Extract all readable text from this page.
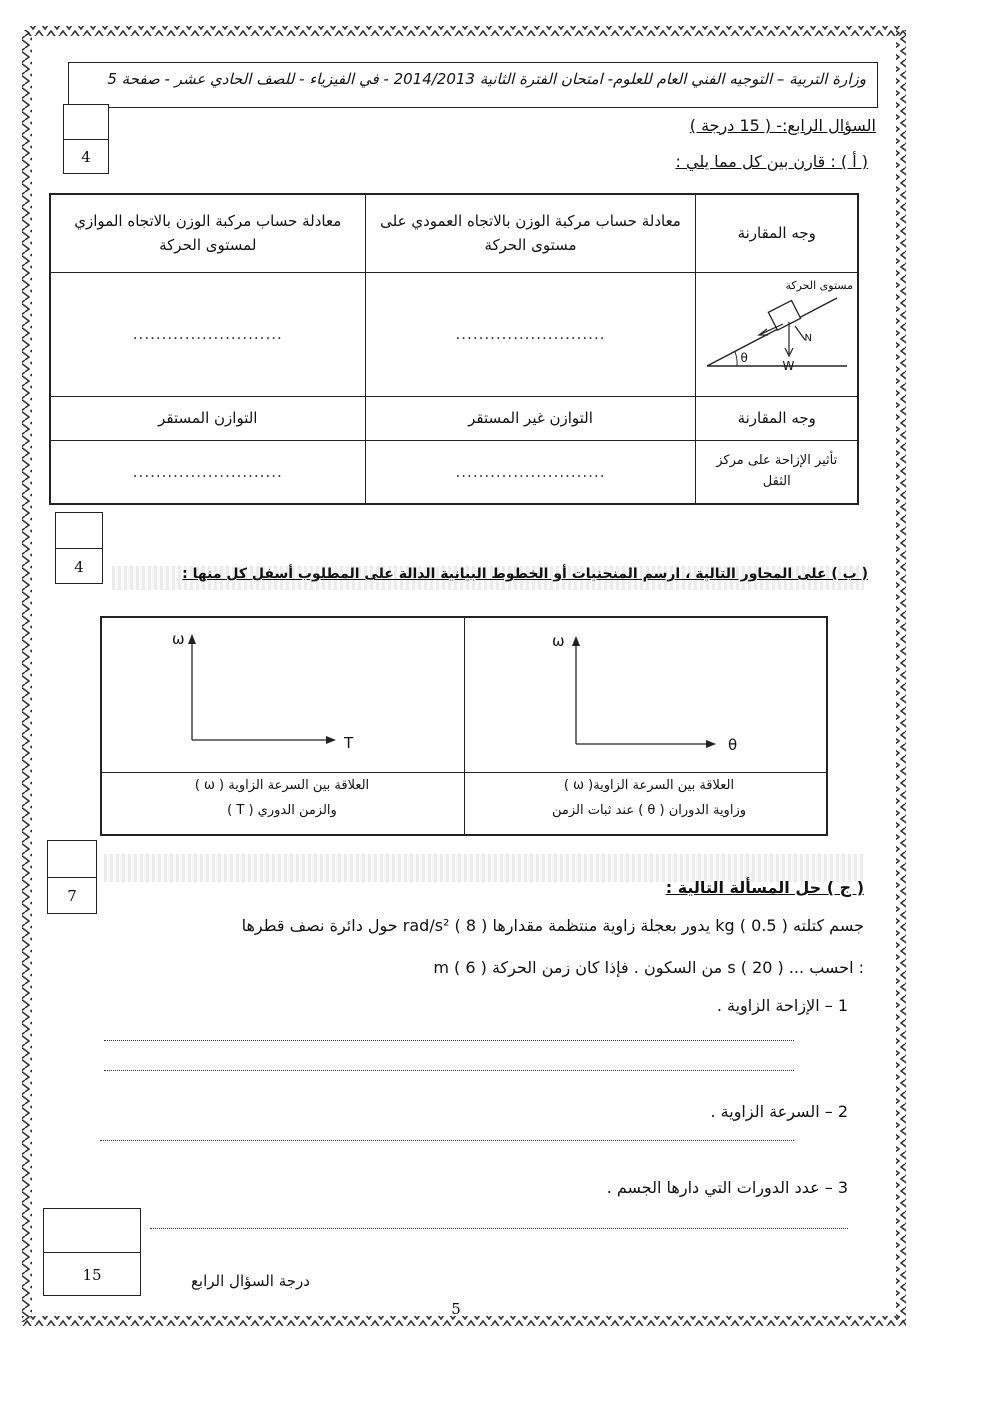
وزارة التربية – التوجيه الفني العام للعلوم- امتحان الفترة الثانية 2014/2013 - في الفيزياء - للصف الحادي عشر - صفحة 5
4
السؤال الرابع:- ( 15 درجة )
( أ ) : قارن بين كل مما يلي :
معادلة حساب مركبة الوزن بالاتجاه الموازي لمستوى الحركة	معادلة حساب مركبة الوزن بالاتجاه العمودي على مستوى الحركة	وجه المقارنة
..........................	..........................	مستوى الحركة
θ
W
N

التوازن المستقر	التوازن غير المستقر	وجه المقارنة
..........................	..........................	تأثير الإزاحة على مركز الثقل
4	( ب ) على المحاور التالية ، ارسم المنحنيات أو الخطوط البيانية الدالة على المطلوب أسفل كل منها :
ω
T
العلاقة بين السرعة الزاوية ( ω )
والزمن الدوري ( T )
ω
θ
العلاقة بين السرعة الزاوية( ω )
وزاوية الدوران ( θ ) عند ثبات الزمن
7	( ج ) حل المسألة التالية :
جسم كتلته kg ( 0.5 ) يدور بعجلة زاوية منتظمة مقدارها rad/s² ( 8 ) حول دائرة نصف قطرها
m ( 6 ) من السكون . فإذا كان زمن الحركة s ( 20 ) ... احسب :
1 – الإزاحة الزاوية .
2 – السرعة الزاوية .
3 – عدد الدورات التي دارها الجسم .
15	درجة السؤال الرابع
5
